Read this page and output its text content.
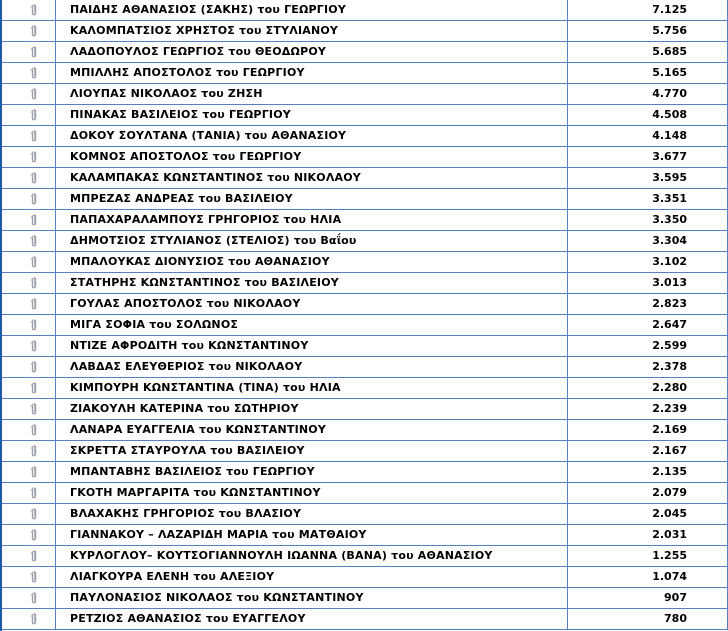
ΠΑΙΔΗΣ ΑΘΑΝΑΣΙΟΣ (ΣΑΚΗΣ) του ΓΕΩΡΓΙΟΥ	7.125
ΚΑΛΟΜΠΑΤΣΙΟΣ ΧΡΗΣΤΟΣ του ΣΤΥΛΙΑΝΟΥ	5.756
ΛΑΔΟΠΟΥΛΟΣ ΓΕΩΡΓΙΟΣ του ΘΕΟΔΩΡΟΥ	5.685
ΜΠΙΛΛΗΣ ΑΠΟΣΤΟΛΟΣ του ΓΕΩΡΓΙΟΥ	5.165
ΛΙΟΥΠΑΣ ΝΙΚΟΛΑΟΣ του ΖΗΣΗ	4.770
ΠΙΝΑΚΑΣ ΒΑΣΙΛΕΙΟΣ του ΓΕΩΡΓΙΟΥ	4.508
ΔΟΚΟΥ ΣΟΥΛΤΑΝΑ (ΤΑΝΙΑ) του ΑΘΑΝΑΣΙΟΥ	4.148
ΚΟΜΝΟΣ ΑΠΟΣΤΟΛΟΣ του ΓΕΩΡΓΙΟΥ	3.677
ΚΑΛΑΜΠΑΚΑΣ ΚΩΝΣΤΑΝΤΙΝΟΣ του ΝΙΚΟΛΑΟΥ	3.595
ΜΠΡΕΖΑΣ ΑΝΔΡΕΑΣ του ΒΑΣΙΛΕΙΟΥ	3.351
ΠΑΠΑΧΑΡΑΛΑΜΠΟΥΣ ΓΡΗΓΟΡΙΟΣ του ΗΛΙΑ	3.350
ΔΗΜΟΤΣΙΟΣ ΣΤΥΛΙΑΝΟΣ (ΣΤΕΛΙΟΣ) του Βαΐου	3.304
ΜΠΑΛΟΥΚΑΣ ΔΙΟΝΥΣΙΟΣ του ΑΘΑΝΑΣΙΟΥ	3.102
ΣΤΑΤΗΡΗΣ ΚΩΝΣΤΑΝΤΙΝΟΣ του ΒΑΣΙΛΕΙΟΥ	3.013
ΓΟΥΛΑΣ ΑΠΟΣΤΟΛΟΣ του ΝΙΚΟΛΑΟΥ	2.823
ΜΙΓΑ ΣΟΦΙΑ του ΣΟΛΩΝΟΣ	2.647
ΝΤΙΖΕ ΑΦΡΟΔΙΤΗ του ΚΩΝΣΤΑΝΤΙΝΟΥ	2.599
ΛΑΒΔΑΣ ΕΛΕΥΘΕΡΙΟΣ του ΝΙΚΟΛΑΟΥ	2.378
ΚΙΜΠΟΥΡΗ ΚΩΝΣΤΑΝΤΙΝΑ (ΤΙΝΑ) του ΗΛΙΑ	2.280
ΖΙΑΚΟΥΛΗ ΚΑΤΕΡΙΝΑ του ΣΩΤΗΡΙΟΥ	2.239
ΛΑΝΑΡΑ ΕΥΑΓΓΕΛΙΑ του ΚΩΝΣΤΑΝΤΙΝΟΥ	2.169
ΣΚΡΕΤΤΑ ΣΤΑΥΡΟΥΛΑ του ΒΑΣΙΛΕΙΟΥ	2.167
ΜΠΑΝΤΑΒΗΣ ΒΑΣΙΛΕΙΟΣ του ΓΕΩΡΓΙΟΥ	2.135
ΓΚΟΤΗ ΜΑΡΓΑΡΙΤΑ του ΚΩΝΣΤΑΝΤΙΝΟΥ	2.079
ΒΛΑΧΑΚΗΣ ΓΡΗΓΟΡΙΟΣ του ΒΛΑΣΙΟΥ	2.045
ΓΙΑΝΝΑΚΟΥ – ΛΑΖΑΡΙΔΗ ΜΑΡΙΑ του ΜΑΤΘΑΙΟΥ	2.031
ΚΥΡΛΟΓΛΟΥ– ΚΟΥΤΣΟΓΙΑΝΝΟΥΛΗ ΙΩΑΝΝΑ (ΒΑΝΑ) του ΑΘΑΝΑΣΙΟΥ	1.255
ΛΙΑΓΚΟΥΡΑ ΕΛΕΝΗ του ΑΛΕΞΙΟΥ	1.074
ΠΑΥΛΟΝΑΣΙΟΣ ΝΙΚΟΛΑΟΣ του ΚΩΝΣΤΑΝΤΙΝΟΥ	907
ΡΕΤΖΙΟΣ ΑΘΑΝΑΣΙΟΣ του ΕΥΑΓΓΕΛΟΥ	780
